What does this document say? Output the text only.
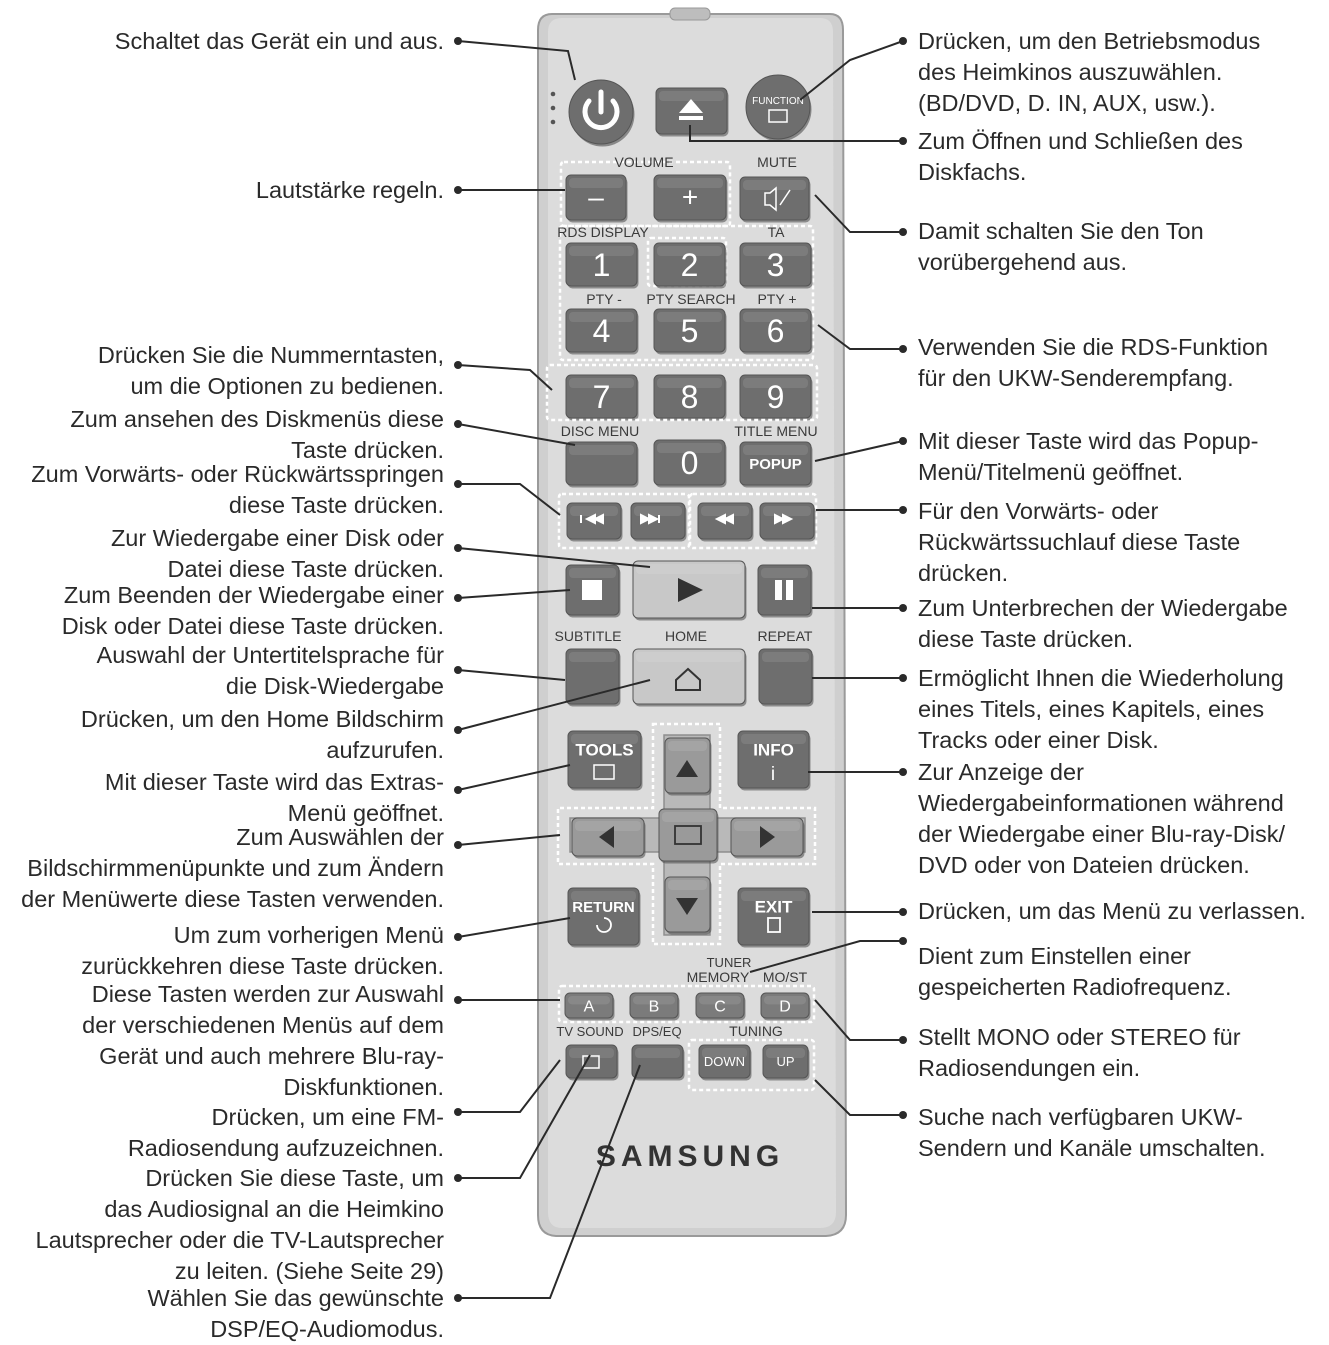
FUNCTION
VOLUME
–	+
MUTE
RDS DISPLAY	TA
PTY - PTY SEARCH PTY +
1 2 3
4 5 6
7 8 9
DISC MENU	TITLE MENU
0	POPUP
SUBTITLE	HOME	REPEAT
TOOLS	INFO
i
RETURN
TUNING
EXIT
TUNER
MEMORY MO/ST
A	B	C	D
TV SOUND DPS/EQ	TUNING
DOWN UP
SAMSUNG
Schaltet das Gerät ein und aus.
Lautstärke regeln.
Drücken Sie die Nummerntasten,
um die Optionen zu bedienen.
Zum ansehen des Diskmenüs diese
Taste drücken.
Zum Vorwärts- oder Rückwärtsspringen
diese Taste drücken.
Zur Wiedergabe einer Disk oder
Datei diese Taste drücken.
Zum Beenden der Wiedergabe einer
Disk oder Datei diese Taste drücken.
Auswahl der Untertitelsprache für
die Disk-Wiedergabe
Drücken, um den Home Bildschirm
aufzurufen.
Mit dieser Taste wird das Extras-
Menü geöffnet.
Zum Auswählen der
Bildschirmmenüpunkte und zum Ändern
der Menüwerte diese Tasten verwenden.
Um zum vorherigen Menü
zurückkehren diese Taste drücken.
Diese Tasten werden zur Auswahl
der verschiedenen Menüs auf dem
Gerät und auch mehrere Blu-ray-
Diskfunktionen.
Drücken, um eine FM-
Radiosendung aufzuzeichnen.
Drücken Sie diese Taste, um
das Audiosignal an die Heimkino
Lautsprecher oder die TV-Lautsprecher
zu leiten. (Siehe Seite 29)
Wählen Sie das gewünschte
DSP/EQ-Audiomodus.
Drücken, um den Betriebsmodus
des Heimkinos auszuwählen.
(BD/DVD, D. IN, AUX, usw.).
Zum Öffnen und Schließen des
Diskfachs.
Damit schalten Sie den Ton
vorübergehend aus.
Verwenden Sie die RDS-Funktion
für den UKW-Senderempfang.
Mit dieser Taste wird das Popup-
Menü/Titelmenü geöffnet.
Für den Vorwärts- oder
Rückwärtssuchlauf diese Taste
drücken.
Zum Unterbrechen der Wiedergabe
diese Taste drücken.
Ermöglicht Ihnen die Wiederholung
eines Titels, eines Kapitels, eines
Tracks oder einer Disk.
Zur Anzeige der
Wiedergabeinformationen während
der Wiedergabe einer Blu-ray-Disk/
DVD oder von Dateien drücken.
Drücken, um das Menü zu verlassen.
Dient zum Einstellen einer
gespeicherten Radiofrequenz.
Stellt MONO oder STEREO für
Radiosendungen ein.
Suche nach verfügbaren UKW-
Sendern und Kanäle umschalten.
